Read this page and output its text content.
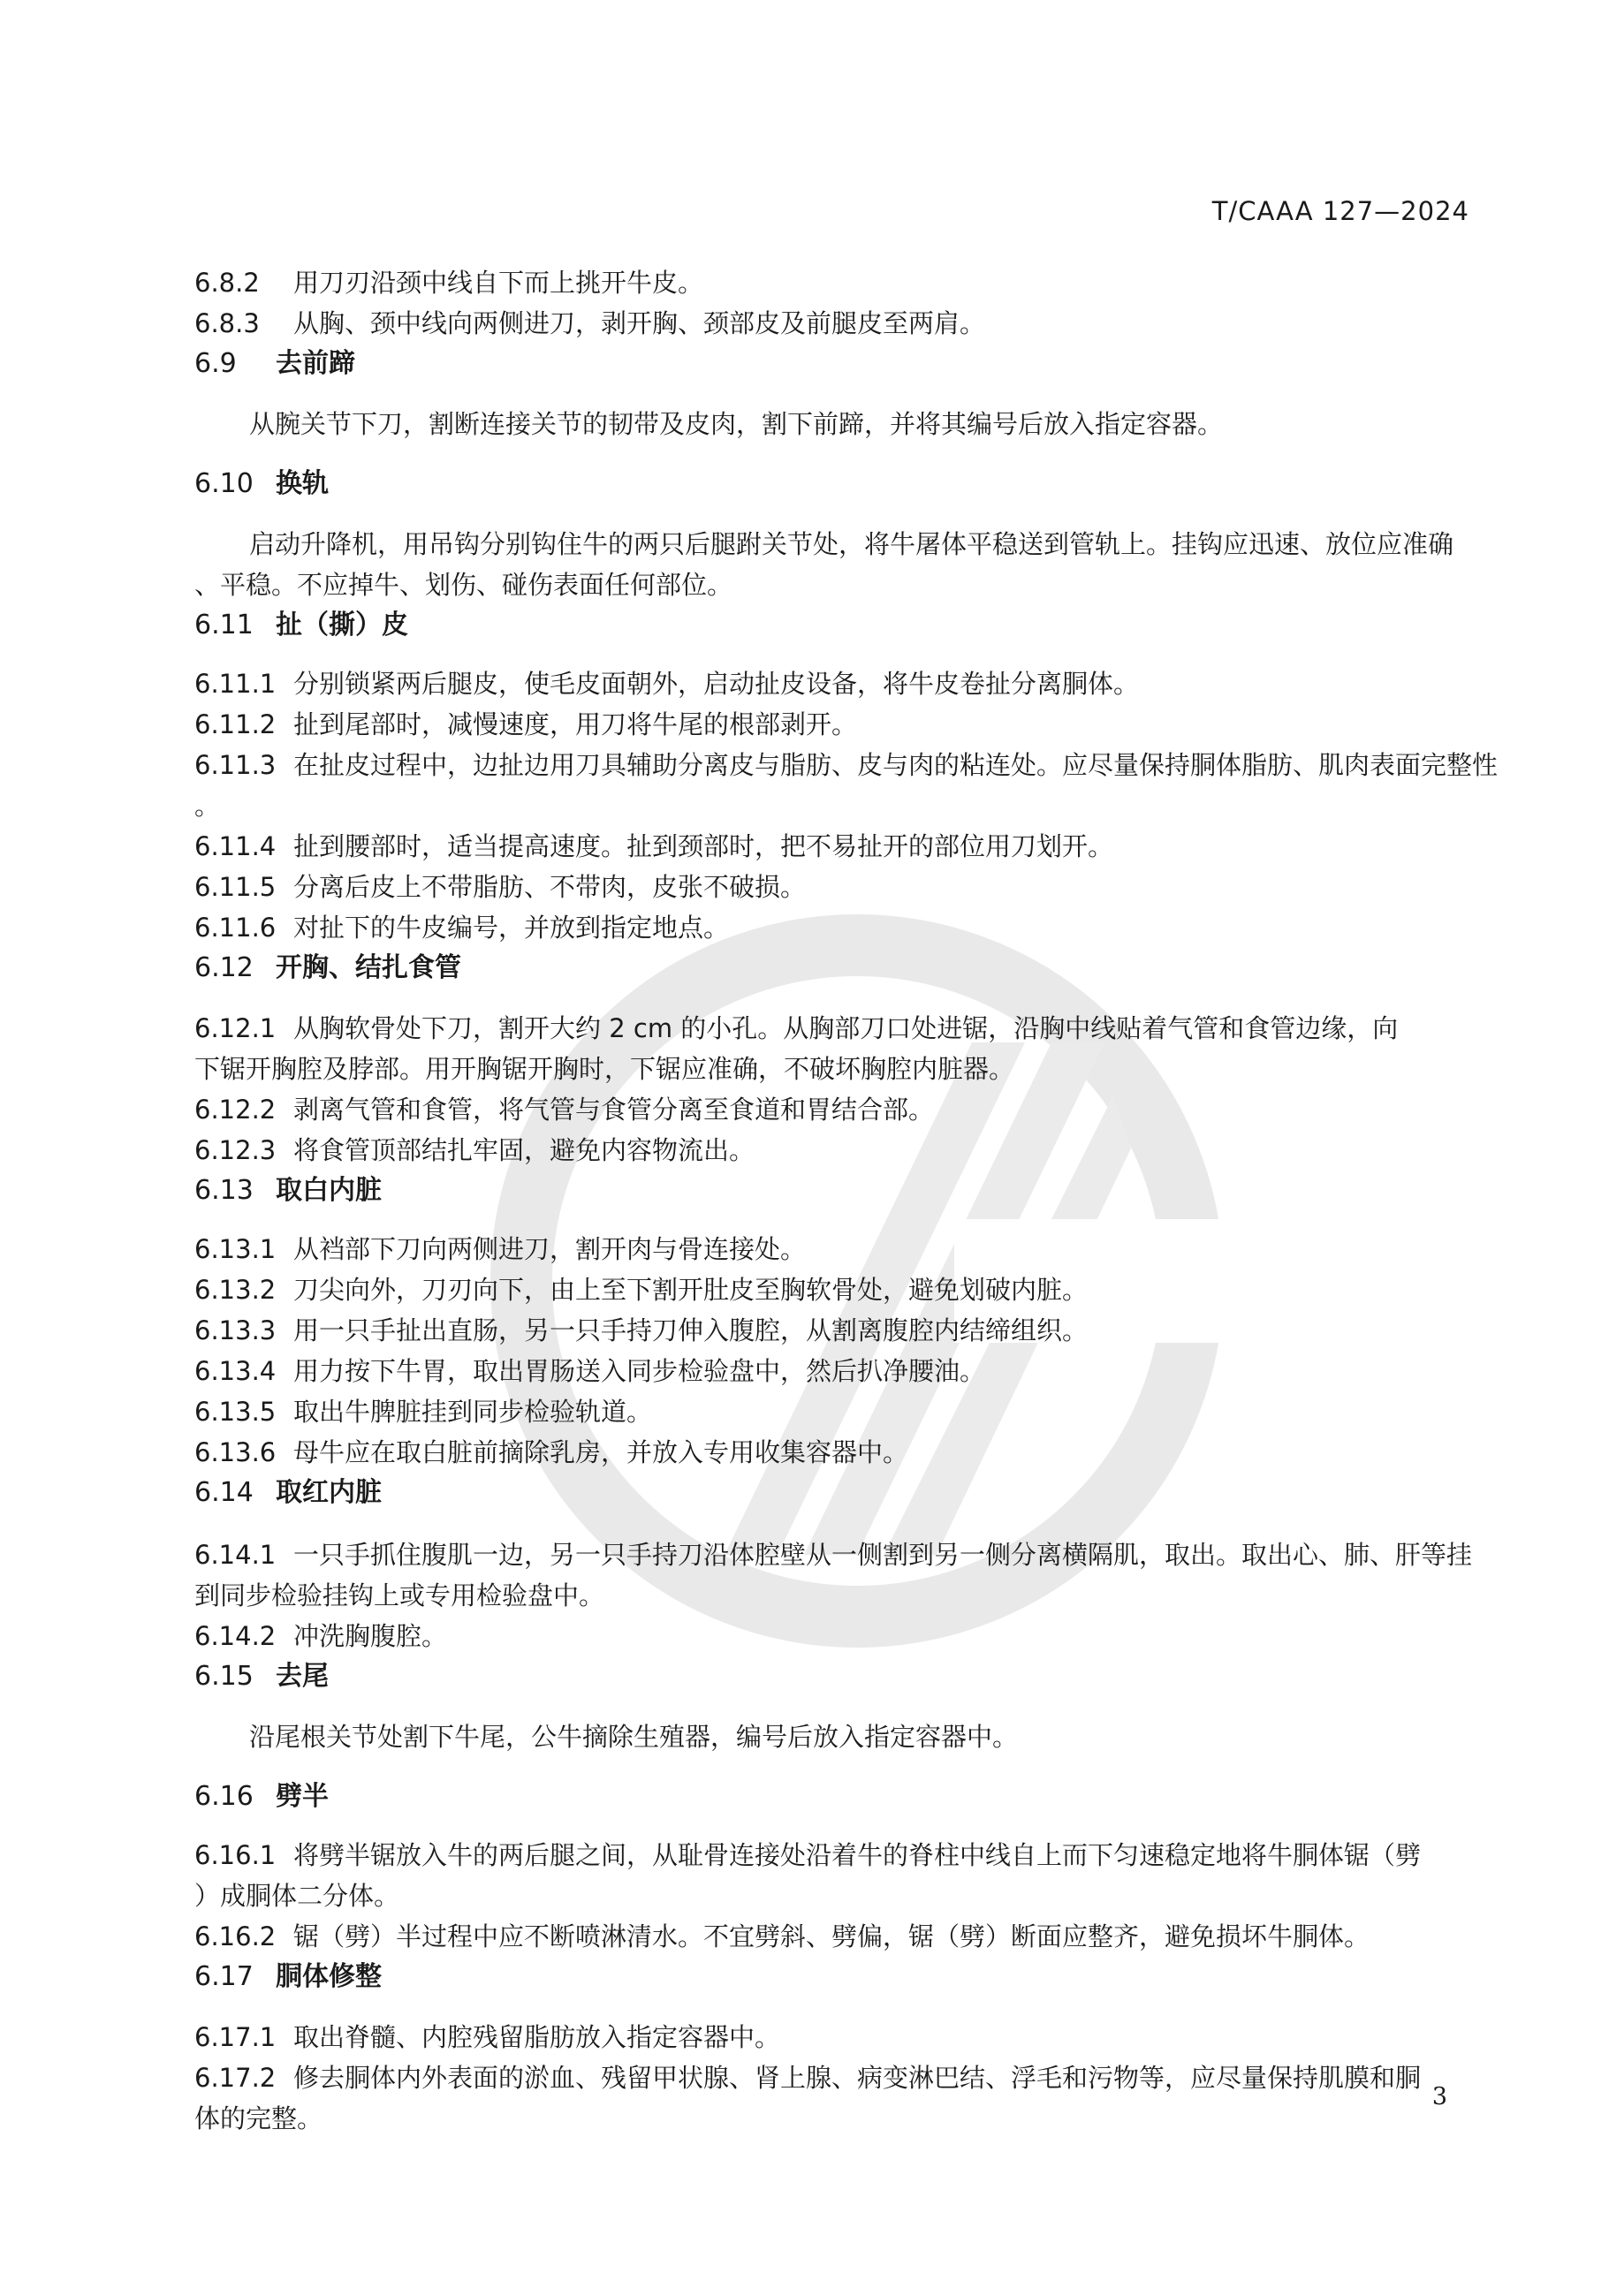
T/CAAA 127—2024
6.8.2 用刀刃沿颈中线自下而上挑开牛皮。
6.8.3 从胸、颈中线向两侧进刀，剥开胸、颈部皮及前腿皮至两肩。
6.9 去前蹄
从腕关节下刀，割断连接关节的韧带及皮肉，割下前蹄，并将其编号后放入指定容器。
6.10 换轨
启动升降机，用吊钩分别钩住牛的两只后腿跗关节处，将牛屠体平稳送到管轨上。挂钩应迅速、放位应准确
、平稳。不应掉牛、划伤、碰伤表面任何部位。
6.11 扯（撕）皮
6.11.1 分别锁紧两后腿皮，使毛皮面朝外，启动扯皮设备，将牛皮卷扯分离胴体。
6.11.2 扯到尾部时，减慢速度，用刀将牛尾的根部剥开。
6.11.3 在扯皮过程中，边扯边用刀具辅助分离皮与脂肪、皮与肉的粘连处。应尽量保持胴体脂肪、肌肉表面完整性
。
6.11.4 扯到腰部时，适当提高速度。扯到颈部时，把不易扯开的部位用刀划开。
6.11.5 分离后皮上不带脂肪、不带肉，皮张不破损。
6.11.6 对扯下的牛皮编号，并放到指定地点。
6.12 开胸、结扎食管
6.12.1 从胸软骨处下刀，割开大约 2 cm 的小孔。从胸部刀口处进锯，沿胸中线贴着气管和食管边缘，向
下锯开胸腔及脖部。用开胸锯开胸时，下锯应准确，不破坏胸腔内脏器。
6.12.2 剥离气管和食管，将气管与食管分离至食道和胃结合部。
6.12.3 将食管顶部结扎牢固，避免内容物流出。
6.13 取白内脏
6.13.1 从裆部下刀向两侧进刀，割开肉与骨连接处。
6.13.2 刀尖向外，刀刃向下，由上至下割开肚皮至胸软骨处，避免划破内脏。
6.13.3 用一只手扯出直肠，另一只手持刀伸入腹腔，从割离腹腔内结缔组织。
6.13.4 用力按下牛胃，取出胃肠送入同步检验盘中，然后扒净腰油。
6.13.5 取出牛脾脏挂到同步检验轨道。
6.13.6 母牛应在取白脏前摘除乳房，并放入专用收集容器中。
6.14 取红内脏
6.14.1 一只手抓住腹肌一边，另一只手持刀沿体腔壁从一侧割到另一侧分离横隔肌，取出。取出心、肺、肝等挂
到同步检验挂钩上或专用检验盘中。
6.14.2 冲洗胸腹腔。
6.15 去尾
沿尾根关节处割下牛尾，公牛摘除生殖器，编号后放入指定容器中。
6.16 劈半
6.16.1 将劈半锯放入牛的两后腿之间，从耻骨连接处沿着牛的脊柱中线自上而下匀速稳定地将牛胴体锯（劈
）成胴体二分体。
6.16.2 锯（劈）半过程中应不断喷淋清水。不宜劈斜、劈偏，锯（劈）断面应整齐，避免损坏牛胴体。
6.17 胴体修整
6.17.1 取出脊髓、内腔残留脂肪放入指定容器中。
6.17.2 修去胴体内外表面的淤血、残留甲状腺、肾上腺、病变淋巴结、浮毛和污物等，应尽量保持肌膜和胴
体的完整。
3
